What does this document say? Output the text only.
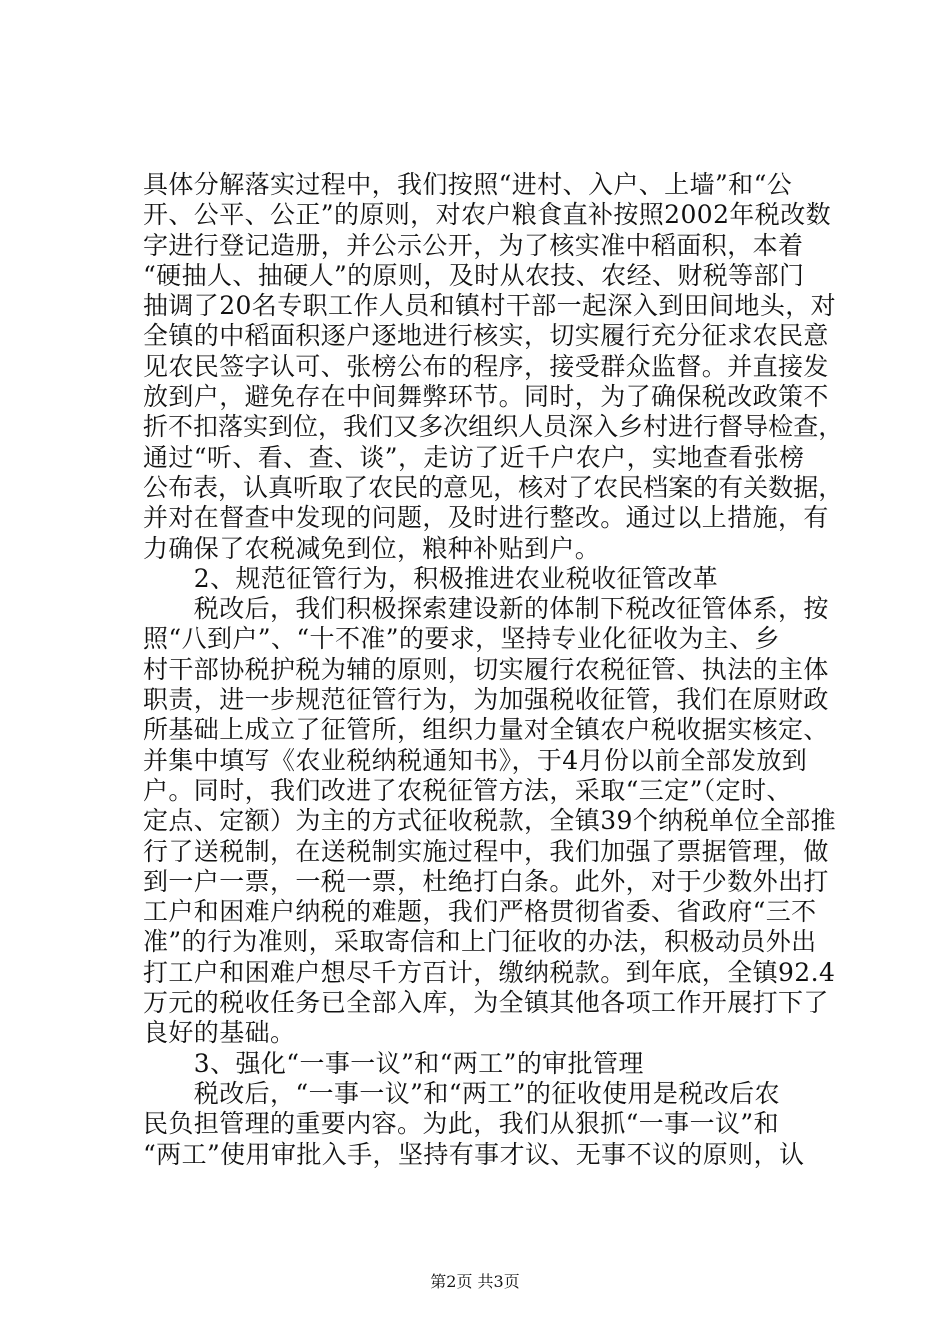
具体分解落实过程中，我们按照“进村、入户、上墙”和“公
开、公平、公正”的原则，对农户粮食直补按照2002年税改数
字进行登记造册，并公示公开，为了核实准中稻面积，本着
“硬抽人、抽硬人”的原则，及时从农技、农经、财税等部门
抽调了20名专职工作人员和镇村干部一起深入到田间地头，对
全镇的中稻面积逐户逐地进行核实，切实履行充分征求农民意
见农民签字认可、张榜公布的程序，接受群众监督。并直接发
放到户，避免存在中间舞弊环节。同时，为了确保税改政策不
折不扣落实到位，我们又多次组织人员深入乡村进行督导检查，
通过“听、看、查、谈”，走访了近千户农户，实地查看张榜
公布表，认真听取了农民的意见，核对了农民档案的有关数据，
并对在督查中发现的问题，及时进行整改。通过以上措施，有
力确保了农税减免到位，粮种补贴到户。
　　2、规范征管行为，积极推进农业税收征管改革
　　税改后，我们积极探索建设新的体制下税改征管体系，按
照“八到户”、“十不准”的要求，坚持专业化征收为主、乡
村干部协税护税为辅的原则，切实履行农税征管、执法的主体
职责，进一步规范征管行为，为加强税收征管，我们在原财政
所基础上成立了征管所，组织力量对全镇农户税收据实核定、
并集中填写《农业税纳税通知书》，于4月份以前全部发放到
户。同时，我们改进了农税征管方法，采取“三定”（定时、
定点、定额）为主的方式征收税款，全镇39个纳税单位全部推
行了送税制，在送税制实施过程中，我们加强了票据管理，做
到一户一票，一税一票，杜绝打白条。此外，对于少数外出打
工户和困难户纳税的难题，我们严格贯彻省委、省政府“三不
准”的行为准则，采取寄信和上门征收的办法，积极动员外出
打工户和困难户想尽千方百计，缴纳税款。到年底，全镇92.4
万元的税收任务已全部入库，为全镇其他各项工作开展打下了
良好的基础。
　　3、强化“一事一议”和“两工”的审批管理
　　税改后，“一事一议”和“两工”的征收使用是税改后农
民负担管理的重要内容。为此，我们从狠抓“一事一议”和
“两工”使用审批入手，坚持有事才议、无事不议的原则，认
第2页 共3页
